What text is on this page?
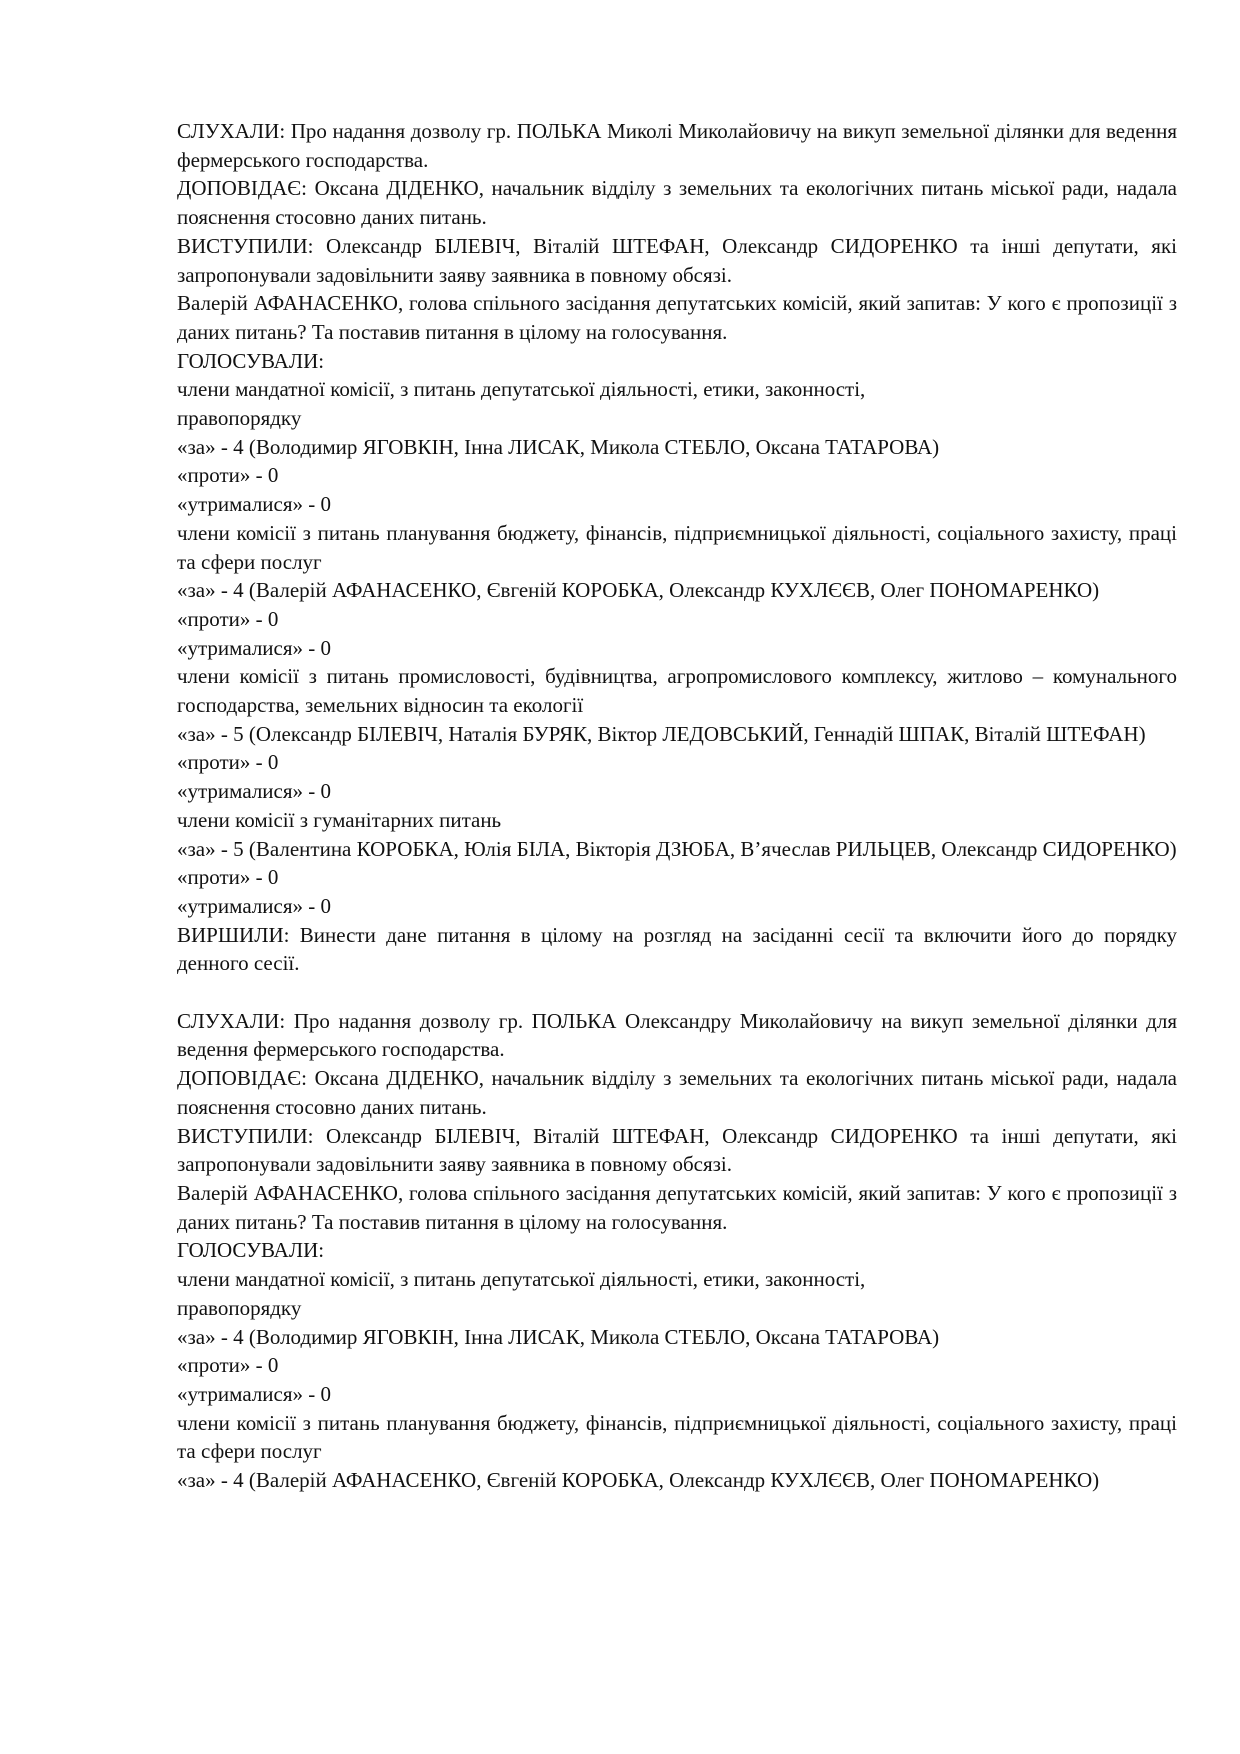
СЛУХАЛИ: Про надання дозволу гр. ПОЛЬКА Миколі Миколайовичу на викуп земельної ділянки для ведення фермерського господарства.

ДОПОВІДАЄ: Оксана ДІДЕНКО, начальник відділу з земельних та екологічних питань міської ради, надала пояснення стосовно даних питань.

ВИСТУПИЛИ: Олександр БІЛЕВІЧ, Віталій ШТЕФАН, Олександр СИДОРЕНКО та інші депутати, які запропонували задовільнити заяву заявника в повному обсязі.

Валерій АФАНАСЕНКО, голова спільного засідання депутатських комісій, який запитав: У кого є пропозиції з даних питань? Та поставив питання в цілому на голосування.

ГОЛОСУВАЛИ:

члени мандатної комісії, з питань депутатської діяльності, етики, законності,

правопорядку

«за» - 4 (Володимир ЯГОВКІН, Інна ЛИСАК, Микола СТЕБЛО, Оксана ТАТАРОВА)

«проти» - 0

«утрималися» - 0

члени комісії з питань планування бюджету, фінансів, підприємницької діяльності, соціального захисту, праці та сфери послуг

«за» - 4 (Валерій АФАНАСЕНКО, Євгеній КОРОБКА, Олександр КУХЛЄЄВ, Олег ПОНОМАРЕНКО)

«проти» - 0

«утрималися» - 0

члени комісії з питань промисловості, будівництва, агропромислового комплексу, житлово – комунального господарства, земельних відносин та екології

«за» - 5 (Олександр БІЛЕВІЧ, Наталія БУРЯК, Віктор ЛЕДОВСЬКИЙ, Геннадій ШПАК, Віталій ШТЕФАН)

«проти» - 0

«утрималися» - 0

члени комісії з гуманітарних питань

«за» - 5 (Валентина КОРОБКА, Юлія БІЛА, Вікторія ДЗЮБА, В’ячеслав РИЛЬЦЕВ, Олександр СИДОРЕНКО)

«проти» - 0

«утрималися» - 0

ВИРШИЛИ: Винести дане питання в цілому на розгляд на засіданні сесії та включити його до порядку денного сесії.

СЛУХАЛИ: Про надання дозволу гр. ПОЛЬКА Олександру Миколайовичу на викуп земельної ділянки для ведення фермерського господарства.

ДОПОВІДАЄ: Оксана ДІДЕНКО, начальник відділу з земельних та екологічних питань міської ради, надала пояснення стосовно даних питань.

ВИСТУПИЛИ: Олександр БІЛЕВІЧ, Віталій ШТЕФАН, Олександр СИДОРЕНКО та інші депутати, які запропонували задовільнити заяву заявника в повному обсязі.

Валерій АФАНАСЕНКО, голова спільного засідання депутатських комісій, який запитав: У кого є пропозиції з даних питань? Та поставив питання в цілому на голосування.

ГОЛОСУВАЛИ:

члени мандатної комісії, з питань депутатської діяльності, етики, законності,

правопорядку

«за» - 4 (Володимир ЯГОВКІН, Інна ЛИСАК, Микола СТЕБЛО, Оксана ТАТАРОВА)

«проти» - 0

«утрималися» - 0

члени комісії з питань планування бюджету, фінансів, підприємницької діяльності, соціального захисту, праці та сфери послуг

«за» - 4 (Валерій АФАНАСЕНКО, Євгеній КОРОБКА, Олександр КУХЛЄЄВ, Олег ПОНОМАРЕНКО)
